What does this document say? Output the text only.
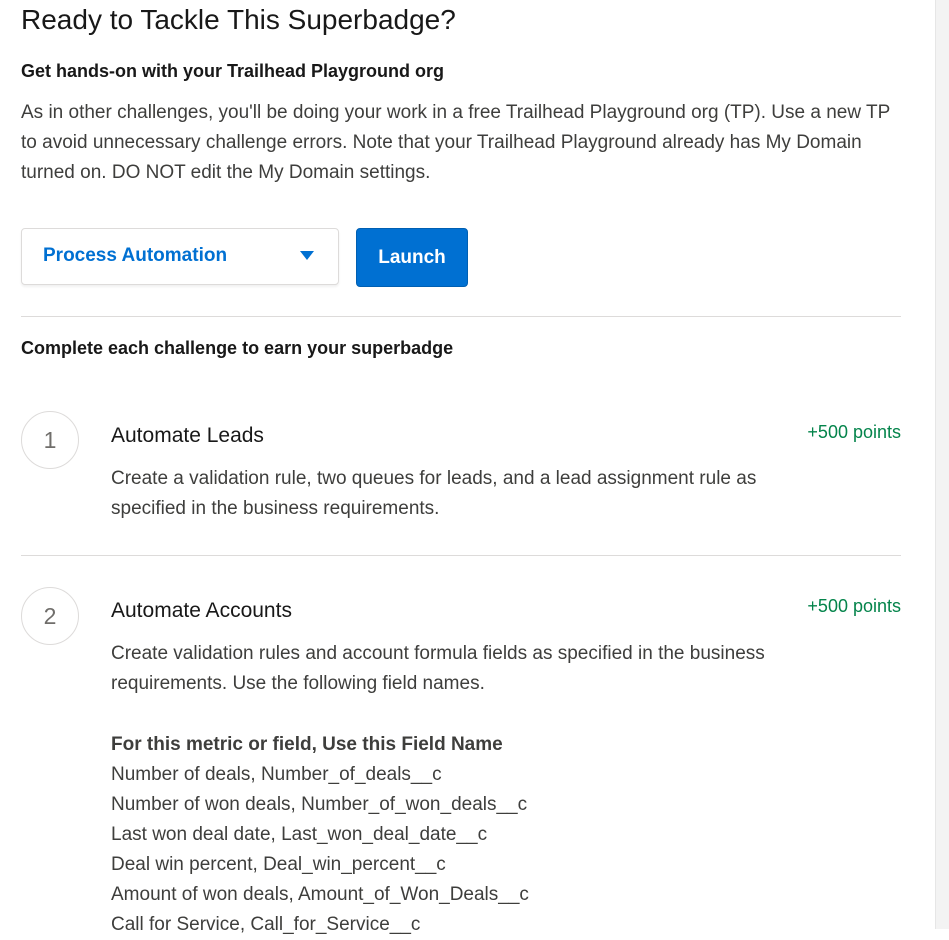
Ready to Tackle This Superbadge?
Get hands-on with your Trailhead Playground org

As in other challenges, you'll be doing your work in a free Trailhead Playground org (TP). Use a new TP to avoid unnecessary challenge errors. Note that your Trailhead Playground already has My Domain turned on. DO NOT edit the My Domain settings.

Process Automation	Launch
Complete each challenge to earn your superbadge
1	Automate Leads	+500 points

Create a validation rule, two queues for leads, and a lead assignment rule as specified in the business requirements.

2	Automate Accounts	+500 points

Create validation rules and account formula fields as specified in the business requirements. Use the following field names.

For this metric or field, Use this Field Name
Number of deals, Number_of_deals__c
Number of won deals, Number_of_won_deals__c
Last won deal date, Last_won_deal_date__c
Deal win percent, Deal_win_percent__c
Amount of won deals, Amount_of_Won_Deals__c
Call for Service, Call_for_Service__c
